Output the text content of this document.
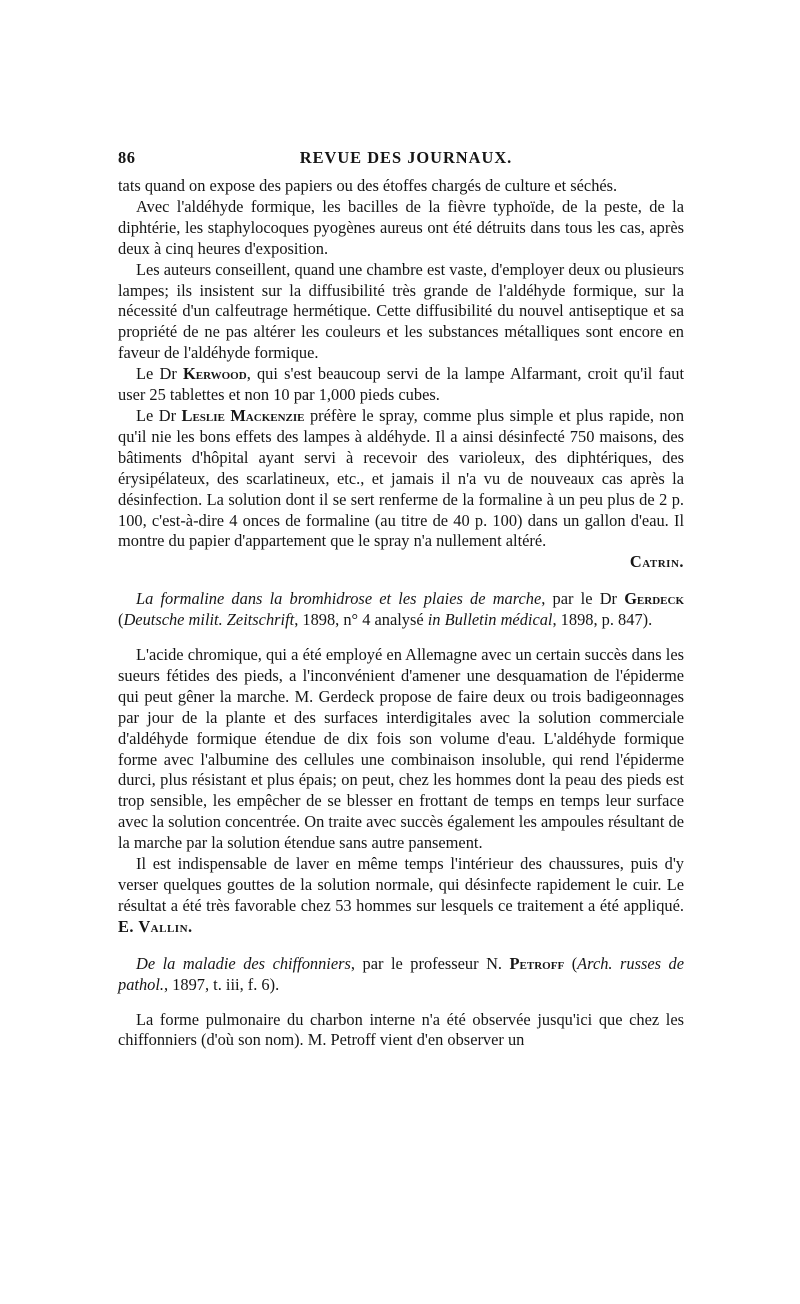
86	REVUE DES JOURNAUX.

tats quand on expose des papiers ou des étoffes chargés de culture et séchés.

Avec l'aldéhyde formique, les bacilles de la fièvre typhoïde, de la peste, de la diphtérie, les staphylocoques pyogènes aureus ont été détruits dans tous les cas, après deux à cinq heures d'exposition.

Les auteurs conseillent, quand une chambre est vaste, d'employer deux ou plusieurs lampes; ils insistent sur la diffusibilité très grande de l'aldéhyde formique, sur la nécessité d'un calfeutrage hermétique. Cette diffusibilité du nouvel antiseptique et sa propriété de ne pas altérer les couleurs et les substances métalliques sont encore en faveur de l'aldéhyde formique.

Le Dr Kerwood, qui s'est beaucoup servi de la lampe Alfarmant, croit qu'il faut user 25 tablettes et non 10 par 1,000 pieds cubes.

Le Dr Leslie Mackenzie préfère le spray, comme plus simple et plus rapide, non qu'il nie les bons effets des lampes à aldéhyde. Il a ainsi désinfecté 750 maisons, des bâtiments d'hôpital ayant servi à recevoir des varioleux, des diphtériques, des érysipélateux, des scarlatineux, etc., et jamais il n'a vu de nouveaux cas après la désinfection. La solution dont il se sert renferme de la formaline à un peu plus de 2 p. 100, c'est-à-dire 4 onces de formaline (au titre de 40 p. 100) dans un gallon d'eau. Il montre du papier d'appartement que le spray n'a nullement altéré.

Catrin.

La formaline dans la bromhidrose et les plaies de marche, par le Dr Gerdeck (Deutsche milit. Zeitschrift, 1898, n° 4 analysé in Bulletin médical, 1898, p. 847).

L'acide chromique, qui a été employé en Allemagne avec un certain succès dans les sueurs fétides des pieds, a l'inconvénient d'amener une desquamation de l'épiderme qui peut gêner la marche. M. Gerdeck propose de faire deux ou trois badigeonnages par jour de la plante et des surfaces interdigitales avec la solution commerciale d'aldéhyde formique étendue de dix fois son volume d'eau. L'aldéhyde formique forme avec l'albumine des cellules une combinaison insoluble, qui rend l'épiderme durci, plus résistant et plus épais; on peut, chez les hommes dont la peau des pieds est trop sensible, les empêcher de se blesser en frottant de temps en temps leur surface avec la solution concentrée. On traite avec succès également les ampoules résultant de la marche par la solution étendue sans autre pansement.

Il est indispensable de laver en même temps l'intérieur des chaussures, puis d'y verser quelques gouttes de la solution normale, qui désinfecte rapidement le cuir. Le résultat a été très favorable chez 53 hommes sur lesquels ce traitement a été appliqué. E. Vallin.

De la maladie des chiffonniers, par le professeur N. Petroff (Arch. russes de pathol., 1897, t. iii, f. 6).

La forme pulmonaire du charbon interne n'a été observée jusqu'ici que chez les chiffonniers (d'où son nom). M. Petroff vient d'en observer un
